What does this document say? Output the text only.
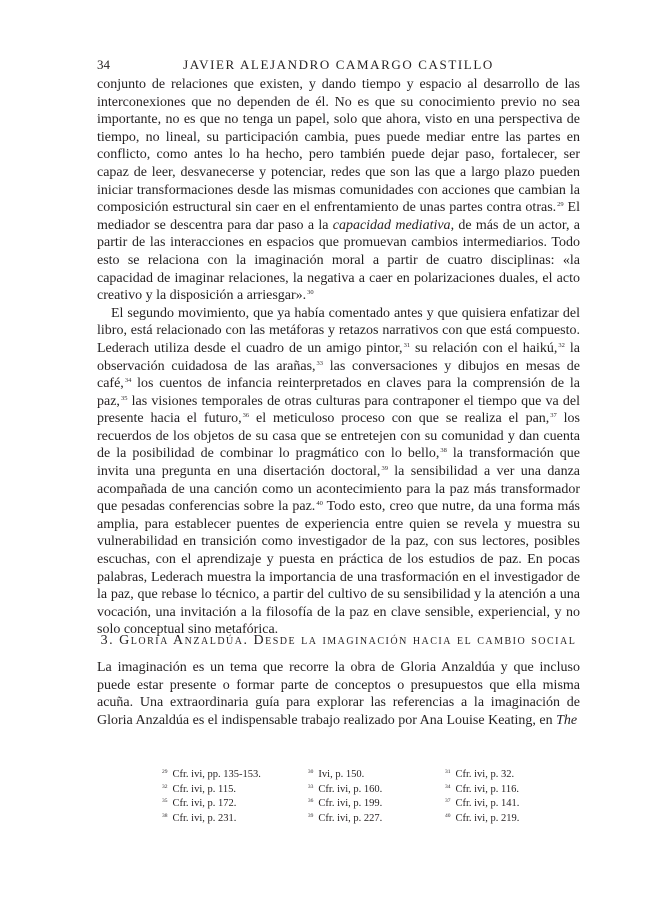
34	JAVIER ALEJANDRO CAMARGO CASTILLO

conjunto de relaciones que existen, y dando tiempo y espacio al desarrollo de las interconexiones que no dependen de él. No es que su conocimiento previo no sea importante, no es que no tenga un papel, solo que ahora, visto en una perspectiva de tiempo, no lineal, su participación cambia, pues puede mediar entre las partes en conflicto, como antes lo ha hecho, pero también puede dejar paso, fortalecer, ser capaz de leer, desvanecerse y potenciar, redes que son las que a largo plazo pueden iniciar transformaciones desde las mismas comunidades con acciones que cambian la composición estructural sin caer en el enfrentamiento de unas partes contra otras.$^{29}$ El mediador se descentra para dar paso a la capacidad mediativa, de más de un actor, a partir de las interacciones en espacios que promuevan cambios intermediarios. Todo esto se relaciona con la imaginación moral a partir de cuatro disciplinas: «la capacidad de imaginar relaciones, la negativa a caer en polarizaciones duales, el acto creativo y la disposición a arriesgar».$^{30}$

El segundo movimiento, que ya había comentado antes y que quisiera enfatizar del libro, está relacionado con las metáforas y retazos narrativos con que está compuesto. Lederach utiliza desde el cuadro de un amigo pintor,$^{31}$ su relación con el haikú,$^{32}$ la observación cuidadosa de las arañas,$^{33}$ las conversaciones y dibujos en mesas de café,$^{34}$ los cuentos de infancia reinterpretados en claves para la comprensión de la paz,$^{35}$ las visiones temporales de otras culturas para contraponer el tiempo que va del presente hacia el futuro,$^{36}$ el meticuloso proceso con que se realiza el pan,$^{37}$ los recuerdos de los objetos de su casa que se entretejen con su comunidad y dan cuenta de la posibilidad de combinar lo pragmático con lo bello,$^{38}$ la transformación que invita una pregunta en una disertación doctoral,$^{39}$ la sensibilidad a ver una danza acompañada de una canción como un acontecimiento para la paz más transformador que pesadas conferencias sobre la paz.$^{40}$ Todo esto, creo que nutre, da una forma más amplia, para establecer puentes de experiencia entre quien se revela y muestra su vulnerabilidad en transición como investigador de la paz, con sus lectores, posibles escuchas, con el aprendizaje y puesta en práctica de los estudios de paz. En pocas palabras, Lederach muestra la importancia de una trasformación en el investigador de la paz, que rebase lo técnico, a partir del cultivo de su sensibilidad y la atención a una vocación, una invitación a la filosofía de la paz en clave sensible, experiencial, y no solo conceptual sino metafórica.

3. Gloria Anzaldúa. Desde la imaginación hacia el cambio social

La imaginación es un tema que recorre la obra de Gloria Anzaldúa y que incluso puede estar presente o formar parte de conceptos o presupuestos que ella misma acuña. Una extraordinaria guía para explorar las referencias a la imaginación de Gloria Anzaldúa es el indispensable trabajo realizado por Ana Louise Keating, en The

$^{29}$ Cfr. ivi, pp. 135-153.	$^{30}$ Ivi, p. 150.	$^{31}$ Cfr. ivi, p. 32.
$^{32}$ Cfr. ivi, p. 115.	$^{33}$ Cfr. ivi, p. 160.	$^{34}$ Cfr. ivi, p. 116.
$^{35}$ Cfr. ivi, p. 172.	$^{36}$ Cfr. ivi, p. 199.	$^{37}$ Cfr. ivi, p. 141.
$^{38}$ Cfr. ivi, p. 231.	$^{39}$ Cfr. ivi, p. 227.	$^{40}$ Cfr. ivi, p. 219.
